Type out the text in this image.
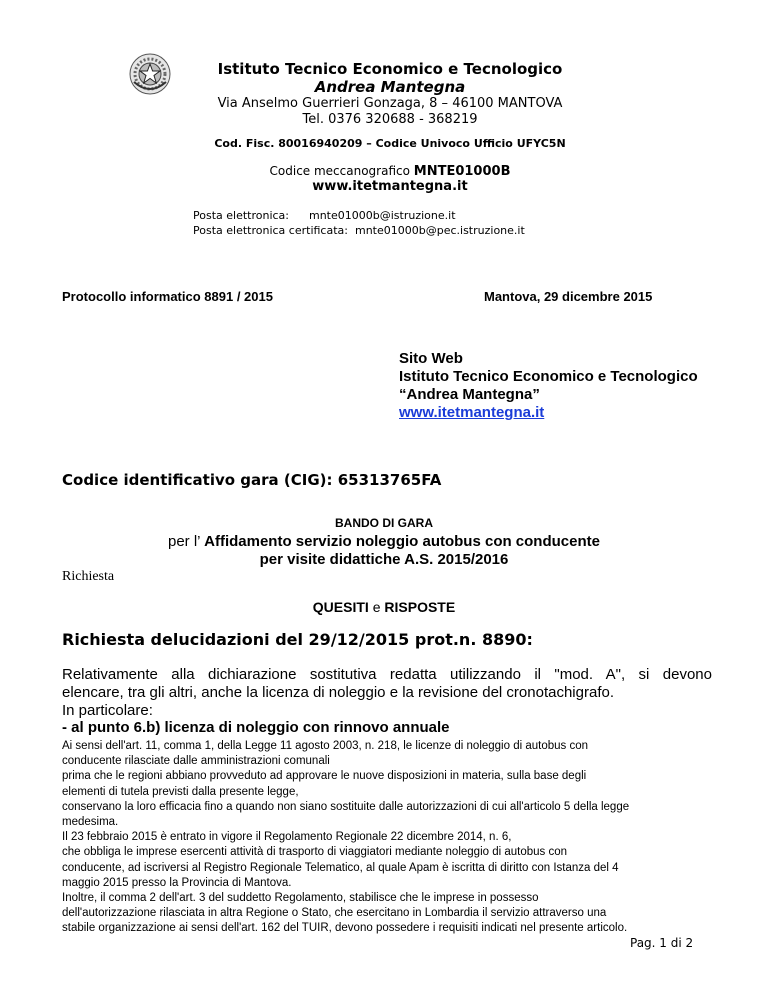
Istituto Tecnico Economico e Tecnologico
Andrea Mantegna
Via Anselmo Guerrieri Gonzaga, 8 – 46100 MANTOVA
Tel. 0376 320688 - 368219
Cod. Fisc. 80016940209 – Codice Univoco Ufficio UFYC5N
Codice meccanografico MNTE01000B
www.itetmantegna.it
Posta elettronica: mnte01000b@istruzione.it
Posta elettronica certificata: mnte01000b@pec.istruzione.it
Protocollo informatico 8891 / 2015	Mantova, 29 dicembre 2015
Sito Web
Istituto Tecnico Economico e Tecnologico
“Andrea Mantegna”
www.itetmantegna.it
Codice identificativo gara (CIG): 65313765FA
BANDO DI GARA
per l’ Affidamento servizio noleggio autobus con conducente
per visite didattiche A.S. 2015/2016
Richiesta
QUESITI e RISPOSTE
Richiesta delucidazioni del 29/12/2015 prot.n. 8890:

Relativamente alla dichiarazione sostitutiva redatta utilizzando il "mod. A", si devono

elencare, tra gli altri, anche la licenza di noleggio e la revisione del cronotachigrafo.

In particolare:

- al punto 6.b) licenza di noleggio con rinnovo annuale
Ai sensi dell'art. 11, comma 1, della Legge 11 agosto 2003, n. 218, le licenze di noleggio di autobus con
conducente rilasciate dalle amministrazioni comunali
prima che le regioni abbiano provveduto ad approvare le nuove disposizioni in materia, sulla base degli
elementi di tutela previsti dalla presente legge,
conservano la loro efficacia fino a quando non siano sostituite dalle autorizzazioni di cui all'articolo 5 della legge
medesima.
Il 23 febbraio 2015 è entrato in vigore il Regolamento Regionale 22 dicembre 2014, n. 6,
che obbliga le imprese esercenti attività di trasporto di viaggiatori mediante noleggio di autobus con
conducente, ad iscriversi al Registro Regionale Telematico, al quale Apam è iscritta di diritto con Istanza del 4
maggio 2015 presso la Provincia di Mantova.
Inoltre, il comma 2 dell'art. 3 del suddetto Regolamento, stabilisce che le imprese in possesso
dell'autorizzazione rilasciata in altra Regione o Stato, che esercitano in Lombardia il servizio attraverso una
stabile organizzazione ai sensi dell'art. 162 del TUIR, devono possedere i requisiti indicati nel presente articolo.
Pag. 1 di 2
